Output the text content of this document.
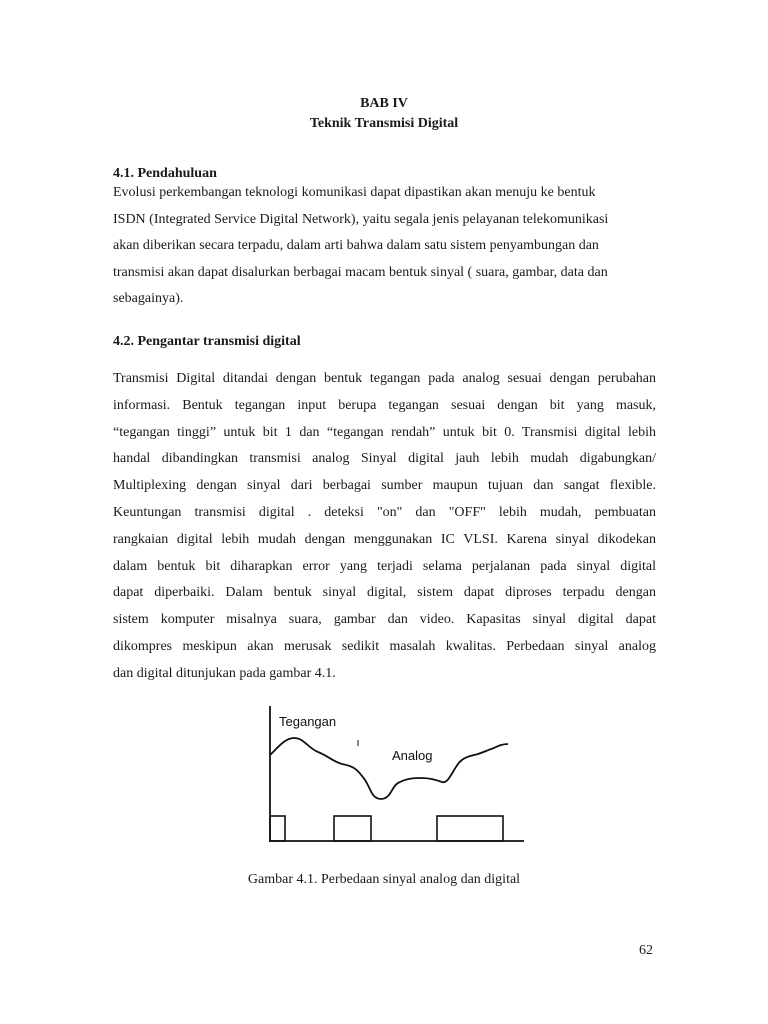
BAB IV
Teknik Transmisi Digital
4.1. Pendahuluan

Evolusi perkembangan teknologi komunikasi dapat dipastikan akan menuju ke bentuk
ISDN (Integrated Service Digital Network), yaitu segala jenis pelayanan telekomunikasi
akan diberikan secara terpadu, dalam arti bahwa dalam satu sistem penyambungan dan
transmisi akan dapat disalurkan berbagai macam bentuk sinyal ( suara, gambar, data dan
sebagainya).

4.2. Pengantar transmisi digital

Transmisi Digital ditandai dengan bentuk tegangan pada analog sesuai dengan perubahan
informasi. Bentuk tegangan input berupa tegangan sesuai dengan bit yang masuk,
“tegangan tinggi” untuk bit 1 dan “tegangan rendah” untuk bit 0. Transmisi digital lebih
handal dibandingkan transmisi analog Sinyal digital jauh lebih mudah digabungkan/
Multiplexing dengan sinyal dari berbagai sumber maupun tujuan dan sangat flexible.
Keuntungan transmisi digital . deteksi "on" dan "OFF" lebih mudah, pembuatan
rangkaian digital lebih mudah dengan menggunakan IC VLSI. Karena sinyal dikodekan
dalam bentuk bit diharapkan error yang terjadi selama perjalanan pada sinyal digital
dapat diperbaiki. Dalam bentuk sinyal digital, sistem dapat diproses terpadu dengan
sistem komputer misalnya suara, gambar dan video. Kapasitas sinyal digital dapat
dikompres meskipun akan merusak sedikit masalah kwalitas. Perbedaan sinyal analog
dan digital ditunjukan pada gambar 4.1.

Tegangan
Analog
Gambar 4.1. Perbedaan sinyal analog dan digital
62
